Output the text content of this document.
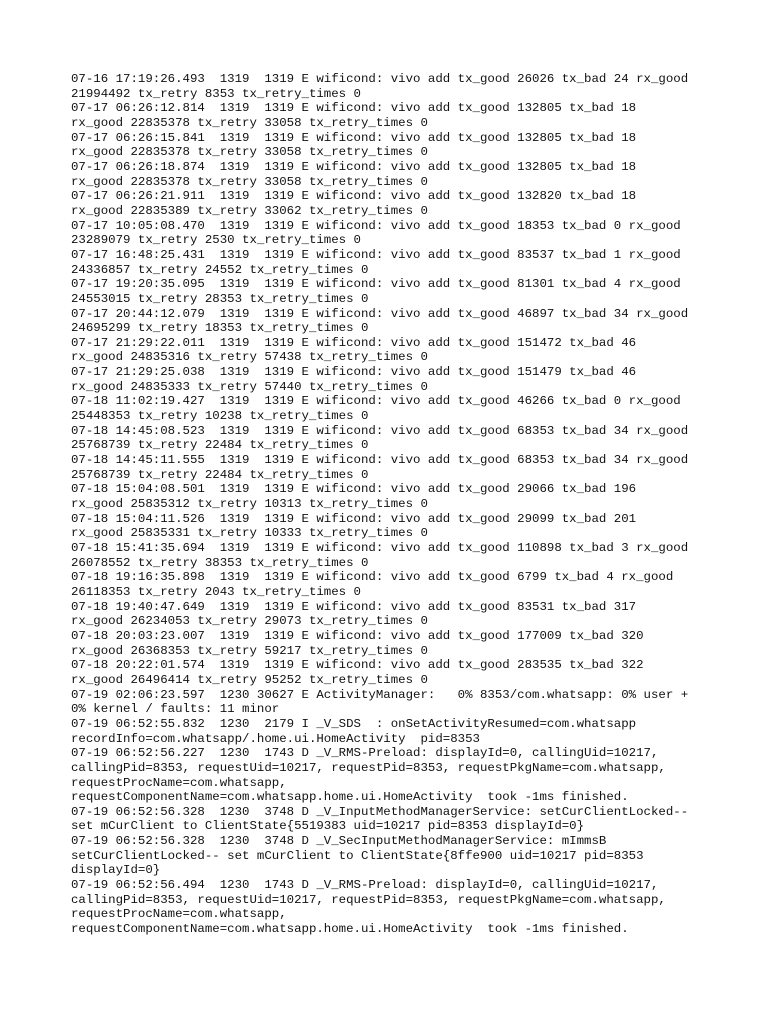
07-16 17:19:26.493  1319  1319 E wificond: vivo add tx_good 26026 tx_bad 24 rx_good
21994492 tx_retry 8353 tx_retry_times 0
07-17 06:26:12.814  1319  1319 E wificond: vivo add tx_good 132805 tx_bad 18
rx_good 22835378 tx_retry 33058 tx_retry_times 0
07-17 06:26:15.841  1319  1319 E wificond: vivo add tx_good 132805 tx_bad 18
rx_good 22835378 tx_retry 33058 tx_retry_times 0
07-17 06:26:18.874  1319  1319 E wificond: vivo add tx_good 132805 tx_bad 18
rx_good 22835378 tx_retry 33058 tx_retry_times 0
07-17 06:26:21.911  1319  1319 E wificond: vivo add tx_good 132820 tx_bad 18
rx_good 22835389 tx_retry 33062 tx_retry_times 0
07-17 10:05:08.470  1319  1319 E wificond: vivo add tx_good 18353 tx_bad 0 rx_good
23289079 tx_retry 2530 tx_retry_times 0
07-17 16:48:25.431  1319  1319 E wificond: vivo add tx_good 83537 tx_bad 1 rx_good
24336857 tx_retry 24552 tx_retry_times 0
07-17 19:20:35.095  1319  1319 E wificond: vivo add tx_good 81301 tx_bad 4 rx_good
24553015 tx_retry 28353 tx_retry_times 0
07-17 20:44:12.079  1319  1319 E wificond: vivo add tx_good 46897 tx_bad 34 rx_good
24695299 tx_retry 18353 tx_retry_times 0
07-17 21:29:22.011  1319  1319 E wificond: vivo add tx_good 151472 tx_bad 46
rx_good 24835316 tx_retry 57438 tx_retry_times 0
07-17 21:29:25.038  1319  1319 E wificond: vivo add tx_good 151479 tx_bad 46
rx_good 24835333 tx_retry 57440 tx_retry_times 0
07-18 11:02:19.427  1319  1319 E wificond: vivo add tx_good 46266 tx_bad 0 rx_good
25448353 tx_retry 10238 tx_retry_times 0
07-18 14:45:08.523  1319  1319 E wificond: vivo add tx_good 68353 tx_bad 34 rx_good
25768739 tx_retry 22484 tx_retry_times 0
07-18 14:45:11.555  1319  1319 E wificond: vivo add tx_good 68353 tx_bad 34 rx_good
25768739 tx_retry 22484 tx_retry_times 0
07-18 15:04:08.501  1319  1319 E wificond: vivo add tx_good 29066 tx_bad 196
rx_good 25835312 tx_retry 10313 tx_retry_times 0
07-18 15:04:11.526  1319  1319 E wificond: vivo add tx_good 29099 tx_bad 201
rx_good 25835331 tx_retry 10333 tx_retry_times 0
07-18 15:41:35.694  1319  1319 E wificond: vivo add tx_good 110898 tx_bad 3 rx_good
26078552 tx_retry 38353 tx_retry_times 0
07-18 19:16:35.898  1319  1319 E wificond: vivo add tx_good 6799 tx_bad 4 rx_good
26118353 tx_retry 2043 tx_retry_times 0
07-18 19:40:47.649  1319  1319 E wificond: vivo add tx_good 83531 tx_bad 317
rx_good 26234053 tx_retry 29073 tx_retry_times 0
07-18 20:03:23.007  1319  1319 E wificond: vivo add tx_good 177009 tx_bad 320
rx_good 26368353 tx_retry 59217 tx_retry_times 0
07-18 20:22:01.574  1319  1319 E wificond: vivo add tx_good 283535 tx_bad 322
rx_good 26496414 tx_retry 95252 tx_retry_times 0
07-19 02:06:23.597  1230 30627 E ActivityManager:   0% 8353/com.whatsapp: 0% user +
0% kernel / faults: 11 minor
07-19 06:52:55.832  1230  2179 I _V_SDS  : onSetActivityResumed=com.whatsapp
recordInfo=com.whatsapp/.home.ui.HomeActivity  pid=8353
07-19 06:52:56.227  1230  1743 D _V_RMS-Preload: displayId=0, callingUid=10217,
callingPid=8353, requestUid=10217, requestPid=8353, requestPkgName=com.whatsapp,
requestProcName=com.whatsapp,
requestComponentName=com.whatsapp.home.ui.HomeActivity  took -1ms finished.
07-19 06:52:56.328  1230  3748 D _V_InputMethodManagerService: setCurClientLocked--
set mCurClient to ClientState{5519383 uid=10217 pid=8353 displayId=0}
07-19 06:52:56.328  1230  3748 D _V_SecInputMethodManagerService: mImmsB
setCurClientLocked-- set mCurClient to ClientState{8ffe900 uid=10217 pid=8353
displayId=0}
07-19 06:52:56.494  1230  1743 D _V_RMS-Preload: displayId=0, callingUid=10217,
callingPid=8353, requestUid=10217, requestPid=8353, requestPkgName=com.whatsapp,
requestProcName=com.whatsapp,
requestComponentName=com.whatsapp.home.ui.HomeActivity  took -1ms finished.
